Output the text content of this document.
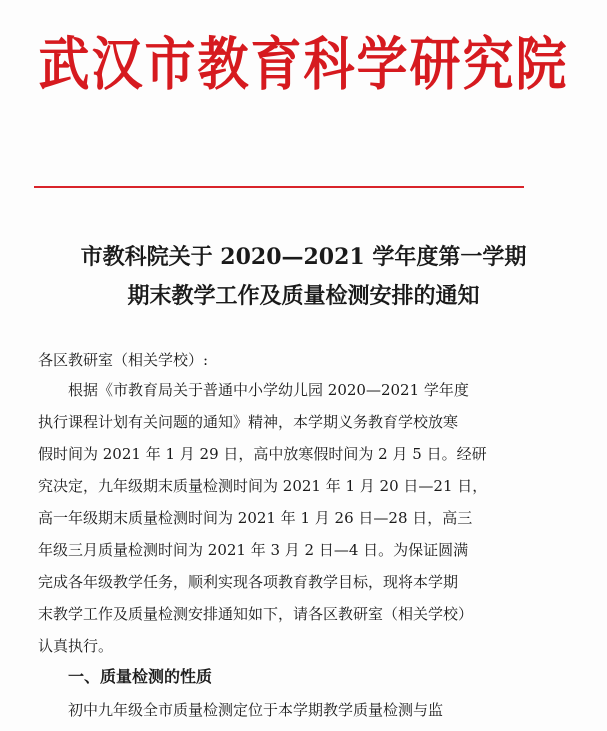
武汉市教育科学研究院
市教科院关于 2020—2021 学年度第一学期
期末教学工作及质量检测安排的通知
各区教研室（相关学校）:
根据《市教育局关于普通中小学幼儿园 2020—2021 学年度
执行课程计划有关问题的通知》精神，本学期义务教育学校放寒
假时间为 2021 年 1 月 29 日，高中放寒假时间为 2 月 5 日。经研
究决定，九年级期末质量检测时间为 2021 年 1 月 20 日—21 日，
高一年级期末质量检测时间为 2021 年 1 月 26 日—28 日，高三
年级三月质量检测时间为 2021 年 3 月 2 日—4 日。为保证圆满
完成各年级教学任务，顺利实现各项教育教学目标，现将本学期
末教学工作及质量检测安排通知如下，请各区教研室（相关学校）
认真执行。
一、质量检测的性质
初中九年级全市质量检测定位于本学期教学质量检测与监
